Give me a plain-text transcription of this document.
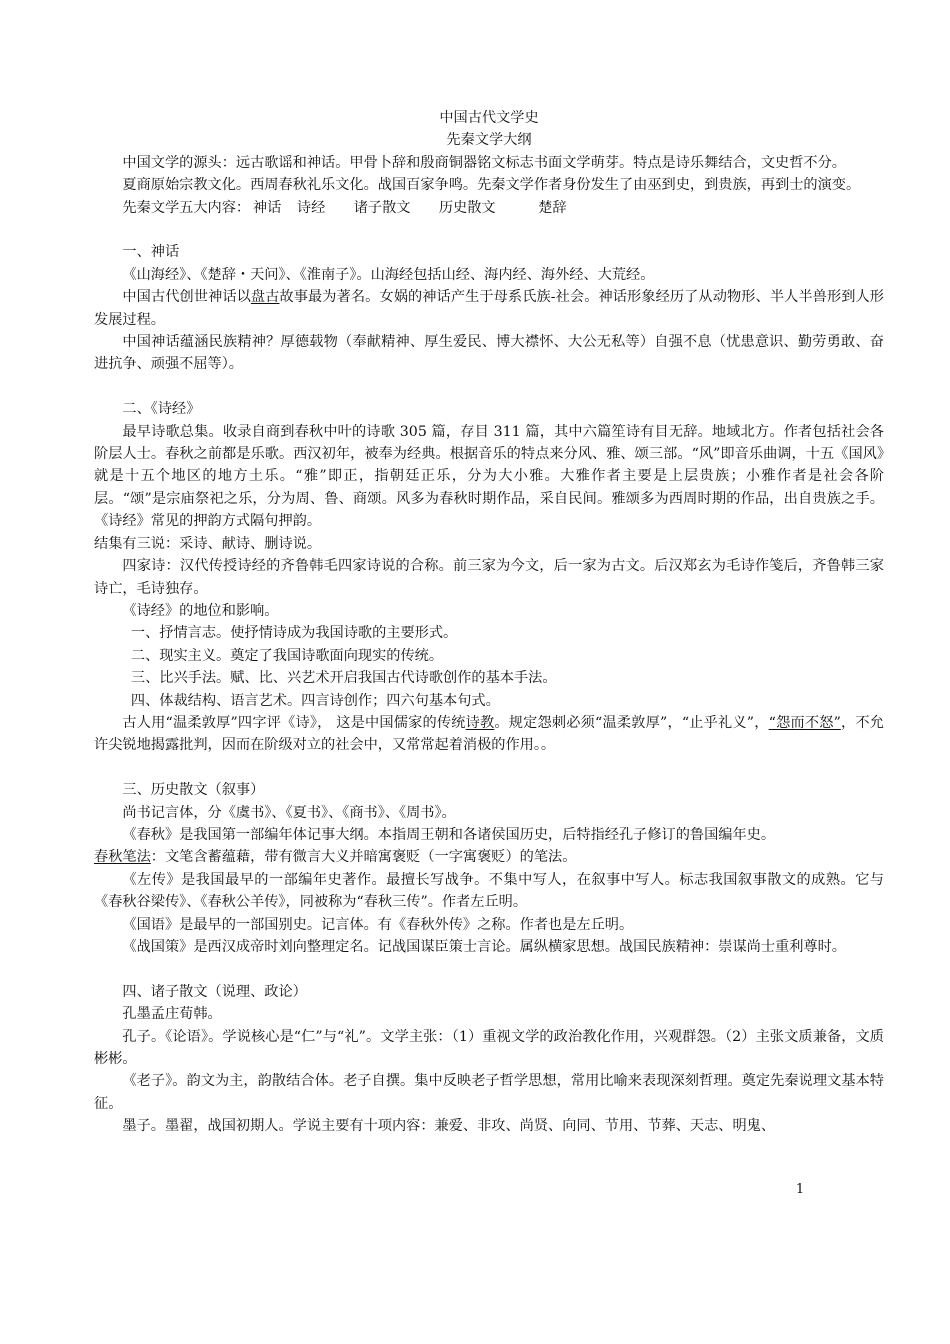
中国古代文学史

先秦文学大纲

中国文学的源头：远古歌谣和神话。甲骨卜辞和殷商铜器铭文标志书面文学萌芽。特点是诗乐舞结合，文史哲不分。

夏商原始宗教文化。西周春秋礼乐文化。战国百家争鸣。先秦文学作者身份发生了由巫到史，到贵族，再到士的演变。

先秦文学五大内容： 神话 诗经 诸子散文 历史散文	楚辞

一、神话

《山海经》、《楚辞・天问》、《淮南子》。山海经包括山经、海内经、海外经、大荒经。

中国古代创世神话以盘古故事最为著名。女娲的神话产生于母系氏族-社会。神话形象经历了从动物形、半人半兽形到人形发展过程。

中国神话蕴涵民族精神？厚德载物（奉献精神、厚生爱民、博大襟怀、大公无私等）自强不息（忧患意识、勤劳勇敢、奋进抗争、顽强不屈等）。

二、《诗经》

最早诗歌总集。收录自商到春秋中叶的诗歌 305 篇，存目 311 篇，其中六篇笙诗有目无辞。地域北方。作者包括社会各阶层人士。春秋之前都是乐歌。西汉初年，被奉为经典。根据音乐的特点来分风、雅、颂三部。“风”即音乐曲调，十五《国风》就是十五个地区的地方土乐。“雅”即正，指朝廷正乐，分为大小雅。大雅作者主要是上层贵族；小雅作者是社会各阶层。“颂”是宗庙祭祀之乐，分为周、鲁、商颂。风多为春秋时期作品，采自民间。雅颂多为西周时期的作品，出自贵族之手。《诗经》常见的押韵方式隔句押韵。

结集有三说：采诗、献诗、删诗说。

四家诗：汉代传授诗经的齐鲁韩毛四家诗说的合称。前三家为今文，后一家为古文。后汉郑玄为毛诗作笺后，齐鲁韩三家诗亡，毛诗独存。

《诗经》的地位和影响。

一、抒情言志。使抒情诗成为我国诗歌的主要形式。

二、现实主义。奠定了我国诗歌面向现实的传统。

三、比兴手法。赋、比、兴艺术开启我国古代诗歌创作的基本手法。

四、体裁结构、语言艺术。四言诗创作；四六句基本句式。

古人用“温柔敦厚”四字评《诗》， 这是中国儒家的传统诗教。规定怨刺必须“温柔敦厚”，“止乎礼义”，“怨而不怒”，不允许尖锐地揭露批判，因而在阶级对立的社会中，又常常起着消极的作用。。

三、历史散文（叙事）

尚书记言体，分《虞书》、《夏书》、《商书》、《周书》。

《春秋》是我国第一部编年体记事大纲。本指周王朝和各诸侯国历史，后特指经孔子修订的鲁国编年史。

春秋笔法：文笔含蓄蕴藉，带有微言大义并暗寓褒贬（一字寓褒贬）的笔法。

《左传》是我国最早的一部编年史著作。最擅长写战争。不集中写人，在叙事中写人。标志我国叙事散文的成熟。它与《春秋谷梁传》、《春秋公羊传》，同被称为“春秋三传”。作者左丘明。

《国语》是最早的一部国别史。记言体。有《春秋外传》之称。作者也是左丘明。

《战国策》是西汉成帝时刘向整理定名。记战国谋臣策士言论。属纵横家思想。战国民族精神：崇谋尚士重利尊时。

四、诸子散文（说理、政论）

孔墨孟庄荀韩。

孔子。《论语》。学说核心是“仁”与“礼”。文学主张：（1）重视文学的政治教化作用，兴观群怨。（2）主张文质兼备，文质彬彬。

《老子》。韵文为主，韵散结合体。老子自撰。集中反映老子哲学思想，常用比喻来表现深刻哲理。奠定先秦说理文基本特征。

墨子。墨翟，战国初期人。学说主要有十项内容：兼爱、非攻、尚贤、向同、节用、节葬、天志、明鬼、

1
